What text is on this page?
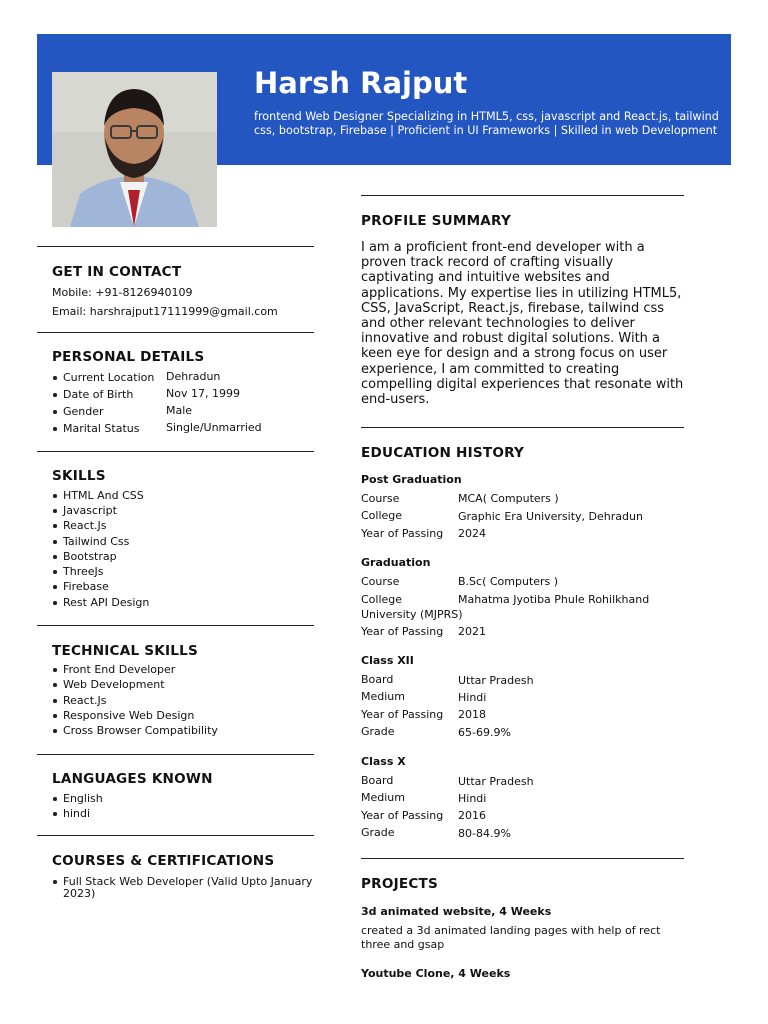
Harsh Rajput

frontend Web Designer Specializing in HTML5, css, javascript and React.js, tailwind css, bootstrap, Firebase | Proficient in UI Frameworks | Skilled in web Development

GET IN CONTACT

Mobile: +91-8126940109

Email: harshrajput17111999@gmail.com

PERSONAL DETAILS

Current Location Dehradun

Date of Birth	Nov 17, 1999

Gender	Male

Marital Status Single/Unmarried

SKILLS

HTML And CSS

Javascript

React.Js

Tailwind Css

Bootstrap

ThreeJs

Firebase

Rest API Design

TECHNICAL SKILLS

Front End Developer

Web Development

React.Js

Responsive Web Design

Cross Browser Compatibility

LANGUAGES KNOWN

English

hindi

COURSES & CERTIFICATIONS

Full Stack Web Developer (Valid Upto January

2023)

PROFILE SUMMARY

I am a proficient front-end developer with a proven track record of crafting visually captivating and intuitive websites and applications. My expertise lies in utilizing HTML5, CSS, JavaScript, React.js, firebase, tailwind css and other relevant technologies to deliver innovative and robust digital solutions. With a keen eye for design and a strong focus on user experience, I am committed to creating compelling digital experiences that resonate with end-users.

EDUCATION HISTORY

Post Graduation

Course	MCA( Computers )

College	Graphic Era University, Dehradun

Year of Passing 2024

Graduation

Course	B.Sc( Computers )

College	Mahatma Jyotiba Phule Rohilkhand

University (MJPRS)

Year of Passing 2021

Class XII

Board	Uttar Pradesh

Medium	Hindi

Year of Passing 2018

Grade	65-69.9%

Class X

Board	Uttar Pradesh

Medium	Hindi

Year of Passing 2016

Grade	80-84.9%

PROJECTS

3d animated website, 4 Weeks

created a 3d animated landing pages with help of rect

three and gsap

Youtube Clone, 4 Weeks
